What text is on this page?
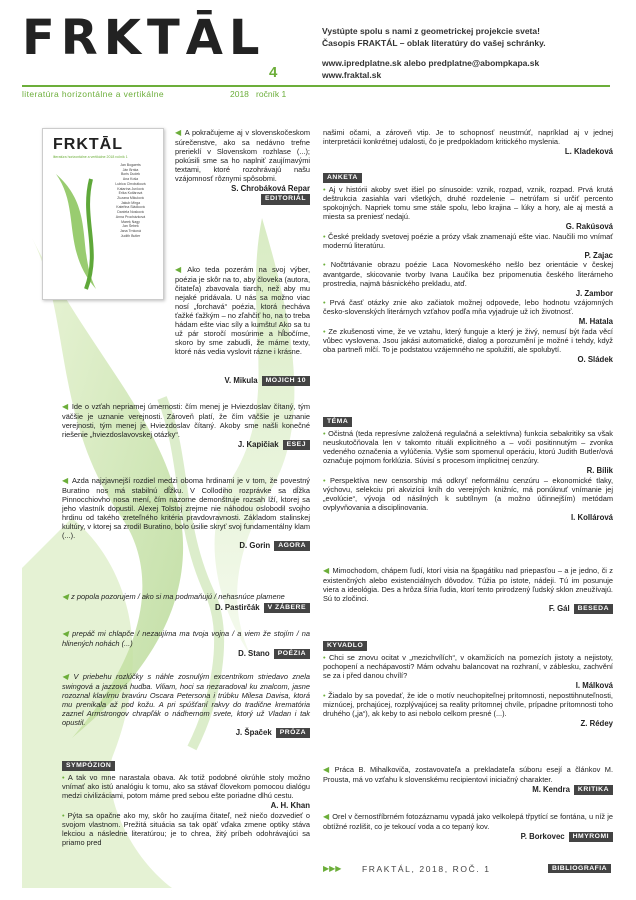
FRKTĀL
4
literatúra horizontálne a vertikálne	2018 ročník 1
Vystúpte spolu s nami z geometrickej projekcie sveta!
Časopis FRAKTÁL – oblak literatúry do vašej schránky.
www.ipredplatne.sk alebo predplatne@abompkapa.sk
www.fraktal.sk
FRKTĀL
literatúra horizontálne a vertikálne 2018 ročník 1
Jan Bogaerts
Ján Brnka
Boris Dudek
Ana Koša
Lubica Chrobáková
Katarína Jurčová
Erika Kotlárová
Zuzana Mikulová
Jakub Mirga
Kateřina Sládková
Daniela Nosková
Anna Procházková
Marek Nagy
Jan Šebek
Jana Trnková
Judith Butler

◀ A pokračujeme aj v slovenskočeskom súrečenstve, ako sa nedávno trefne prerieklí v Slovenskom rozhlase (...); pokúsili sme sa ho naplniť zaujímavými textami, ktoré rozohrávajú našu vzájomnosť rôznymi spôsobmi.

S. Chrobáková Repar
EDITORIÁL

◀ Ako teda pozerám na svoj výber, poézia je skôr na to, aby človeka (autora, čitateľa) zbavovala tiarch, než aby mu nejaké pridávala. U nás sa možno viac nosí „forchavá“ poézia, ktorá necháva ťažké ťažkým – no zľahčiť ho, na to treba hádam ešte viac síly a kumštu! Ako sa tu už pár storočí mosúrime a hĺbočíme, skoro by sme zabudli, že máme texty, ktoré nás vedia vyslovit rázne i krásne.

V. Mikula	MOJICH 10

◀ Ide o vzťah nepriamej úmernosti: čím menej je Hviezdoslav čítaný, tým väčšie je uznanie verejnosti. Zároveň platí, že čím väčšie je uznanie verejnosti, tým menej je Hviezdoslav čítaný. Akoby sme našli konečné riešenie „hviezdoslavovskej otázky“.

J. Kapičiak	ESEJ

◀ Azda najzjavnejší rozdiel medzi obomа hrdinami je v tom, že povestný Buratino nos má stabilnú dĺžku. V Collodiho rozprávke sa dĺžka Pinnocchiovho nosa mení, čím nazorne demonštruje rozsah lží, ktorej sa jeho vlastník dopustil. Alexej Tolstoj zrejme nie náhodou oslobodil svojho hrdinu od takého zreteľného kritéria pravdovravnosti. Základom stalinskej kultúry, v ktorej sa zrodil Buratino, bolo úsilie skryť svoj fundamentálny klam (...).

D. Gorin	AGORA

◀ z popola pozorujem / ako si ma podmaňujú / nehasnúce plamene

D. Pastirčák	V ZÁBERE

◀ prepáč mi chlapče / nezaujíma ma tvoja vojna / a viem že stojím / na hlinených nohách (...)

D. Stano	POÉZIA

◀ V priebehu rozlúčky s náhle zosnulým excentrikom striedavo znela swingová a jazzová hudba. Viliam, hoci sa nezaradoval ku znalcom, jasne rozoznal klavírnu bravúru Oscara Petersona i trúbku Milesa Davisa, ktorá mu prenikala až pod kožu. A pri spúšťaní rakvy do tradične krematória zaznel Armstrongov chrapľák o nádhernom svete, ktorý už Vladan i tak opustil.

J. Špaček	PRÓZA
SYMPÓZION

• A tak vo mne narastala obava. Ak totiž podobné okrúhle stoly možno vnímať ako istú analógiu k tomu, ako sa stávaf človekom pomocou dialógu medzi civilizáciami, potom máme pred sebou ešte poriadne dlhú cestu.

A. H. Khan

• Pýta sa opačne ako my, skôr ho zaujíma čitateľ, než niečo dozvedieť o svojom vlastnom. Prežitá situácia sa tak opäť vďaka zmene optiky stáva lekciou a následne literatúrou; je to chrea, žitý príbeh odohrávajúci sa priamo pred

našimi očami, a zároveň vtip. Je to schopnosť neustrnúť, napríklad aj v jednej interpretácii konkrétnej udalosti, čo je predpokladom kritického myslenia.

L. Kladeková
ANKETA

• Aj v histórii akoby svet išiel po sínusoide: vznik, rozpad, vznik, rozpad. Prvá krutá deštrukcia zasiahla vari všetkých, druhé rozdelenie – netrúfam si určiť percento spokojných. Napriek tomu sme stále spolu, lebo krajina – lúky a hory, ale aj mestá a miesta sa preniesť nedajú.

G. Rakúsová

• České preklady svetovej poézie a prózy však znamenajú ešte viac. Naučili mo vnímať modernú literatúru.

P. Zajac

• Nočtrtávanie obrazu poézie Laca Novomeského nešlo bez orientácie v českej avantgarde, skicovanie tvorby Ivana Laučíka bez pripomenutia českého literárneho prostredia, najmä básnického prekladu, atď.

J. Zambor

• Prvá časť otázky znie ako začiatok možnej odpovede, lebo hodnotu vzájomných česko-slovenských literárnych vzťahov podľa mňa vyjadruje už ich životnosť.

M. Hatala

• Ze zkušenosti vime, že ve vztahu, který funguje a který je živý, nemusí být řada věcí vůbec vyslovena. Jsou jakási automatické, dialog a porozumění je možné i tehdy, když oba partneři mlčí. To je podstatou vzájemného ne spolužití, ale spolubytí.

O. Sládek
TÉMA

• Očistná (teda represívne založená regulačná a selektívna) funkcia sebakritiky sa však neuskutočňovala len v takomto rituáli explicitného a – voči positinnutým – zvonka vedeného označenia a vylúčenia. Vyšie som spomenul operáciu, ktorú Judith Butler/ová označuje pojmom forklúzia. Súvisí s procesom implicitnej cenzúry.

R. Bílik

• Perspektíva new censorship má odkryť neformálnu cenzúru – ekonomické tlaky, výchovu, selekciu pri akvizícii kníh do verejných knižníc, má ponúknuť vnímanie jej „evolúcie“, vývoja od násilných k subtílnym (a možno účinnejším) metódam ovplyvňovania a disciplinovania.

I. Kollárová

◀ Mimochodom, chápem ľudí, ktorí visia na špagátiku nad priepasťou – a je jedno, či z existenčných alebo existenciálnych dôvodov. Túžia po istote, nádeji. Tú im posunuje viera a ideológia. Des a hrôza šíria ľudia, ktorí tento prirodzený ľudský sklon zneužívajú. Sú to zločinci.

F. Gál	BESEDA
KYVADLO

• Chci se znovu ocitat v „mezichvílích“, v okamžicích na pomezích jistoty a nejistoty, pochopení a nechápavosti? Mám odvahu balancovat na rozhraní, v záblesku, zachvění se za i před danou chvílí?

I. Málková

• Žiadalo by sa povedať, že ide o motív neuchopiteľnej prítomnosti, neposttihnuteľnosti, miznúcej, prchajúcej, rozplývajúcej sa reality prítomnej chvíle, prípadne prítomnosti toho druhého („ja“), ak keby to asi nebolo celkom presné (...).

Z. Rédey

◀ Práca B. Mihalkoviča, zostavovateľa a prekladateľa súboru esejí a článkov M. Prousta, má vo vzťahu k slovenskému recipientovi iniciačný charakter.

M. Kendra	KRITIKA

◀ Orel v černostříbrném fotozáznamu vypadá jako velkolepá třpytící se fontána, u níž je obtížné rozlišit, co je tekoucí voda a co tepaný kov.

P. Borkovec	HMYROMI
▶▶▶ FRAKTÁL, 2018, ROČ. 1	BIBLIOGRAFIA
